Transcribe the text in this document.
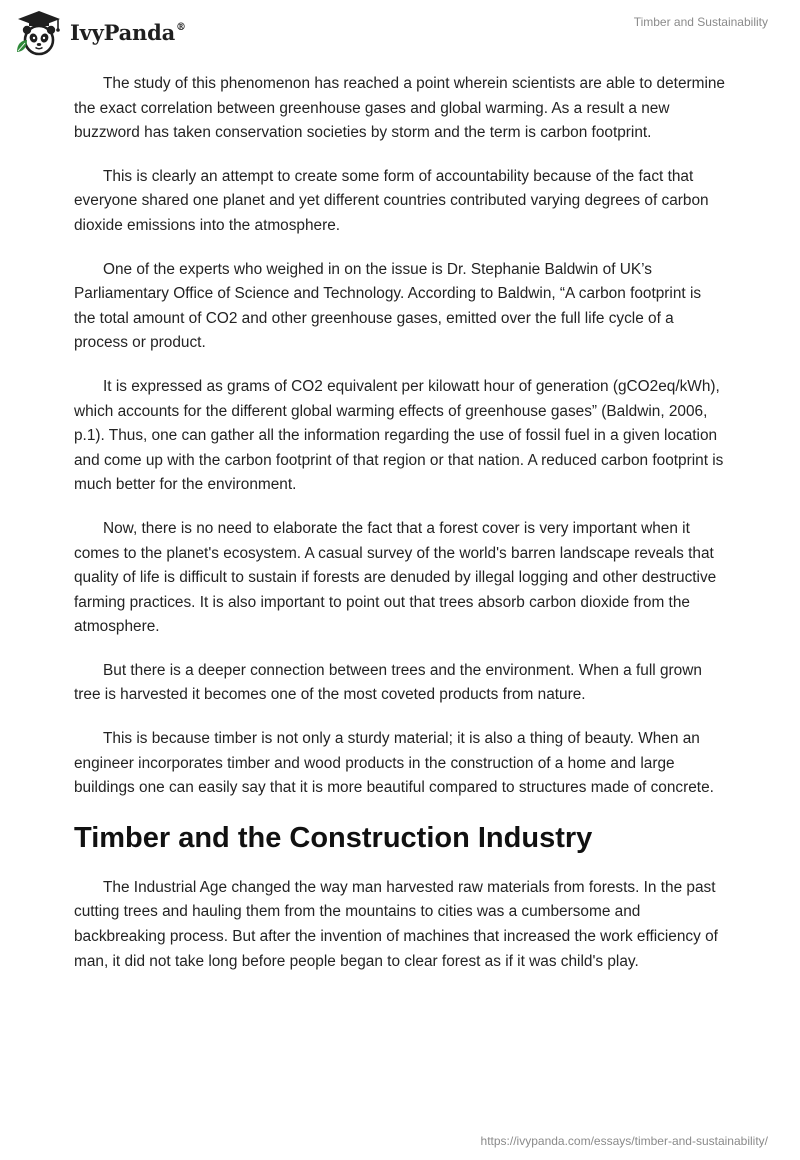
IvyPanda®	Timber and Sustainability

The study of this phenomenon has reached a point wherein scientists are able to determine the exact correlation between greenhouse gases and global warming. As a result a new buzzword has taken conservation societies by storm and the term is carbon footprint.

This is clearly an attempt to create some form of accountability because of the fact that everyone shared one planet and yet different countries contributed varying degrees of carbon dioxide emissions into the atmosphere.

One of the experts who weighed in on the issue is Dr. Stephanie Baldwin of UK’s Parliamentary Office of Science and Technology. According to Baldwin, “A carbon footprint is the total amount of CO2 and other greenhouse gases, emitted over the full life cycle of a process or product.

It is expressed as grams of CO2 equivalent per kilowatt hour of generation (gCO2eq/kWh), which accounts for the different global warming effects of greenhouse gases” (Baldwin, 2006, p.1). Thus, one can gather all the information regarding the use of fossil fuel in a given location and come up with the carbon footprint of that region or that nation. A reduced carbon footprint is much better for the environment.

Now, there is no need to elaborate the fact that a forest cover is very important when it comes to the planet's ecosystem. A casual survey of the world's barren landscape reveals that quality of life is difficult to sustain if forests are denuded by illegal logging and other destructive farming practices. It is also important to point out that trees absorb carbon dioxide from the atmosphere.

But there is a deeper connection between trees and the environment. When a full grown tree is harvested it becomes one of the most coveted products from nature.

This is because timber is not only a sturdy material; it is also a thing of beauty. When an engineer incorporates timber and wood products in the construction of a home and large buildings one can easily say that it is more beautiful compared to structures made of concrete.

Timber and the Construction Industry

The Industrial Age changed the way man harvested raw materials from forests. In the past cutting trees and hauling them from the mountains to cities was a cumbersome and backbreaking process. But after the invention of machines that increased the work efficiency of man, it did not take long before people began to clear forest as if it was child's play.

https://ivypanda.com/essays/timber-and-sustainability/
